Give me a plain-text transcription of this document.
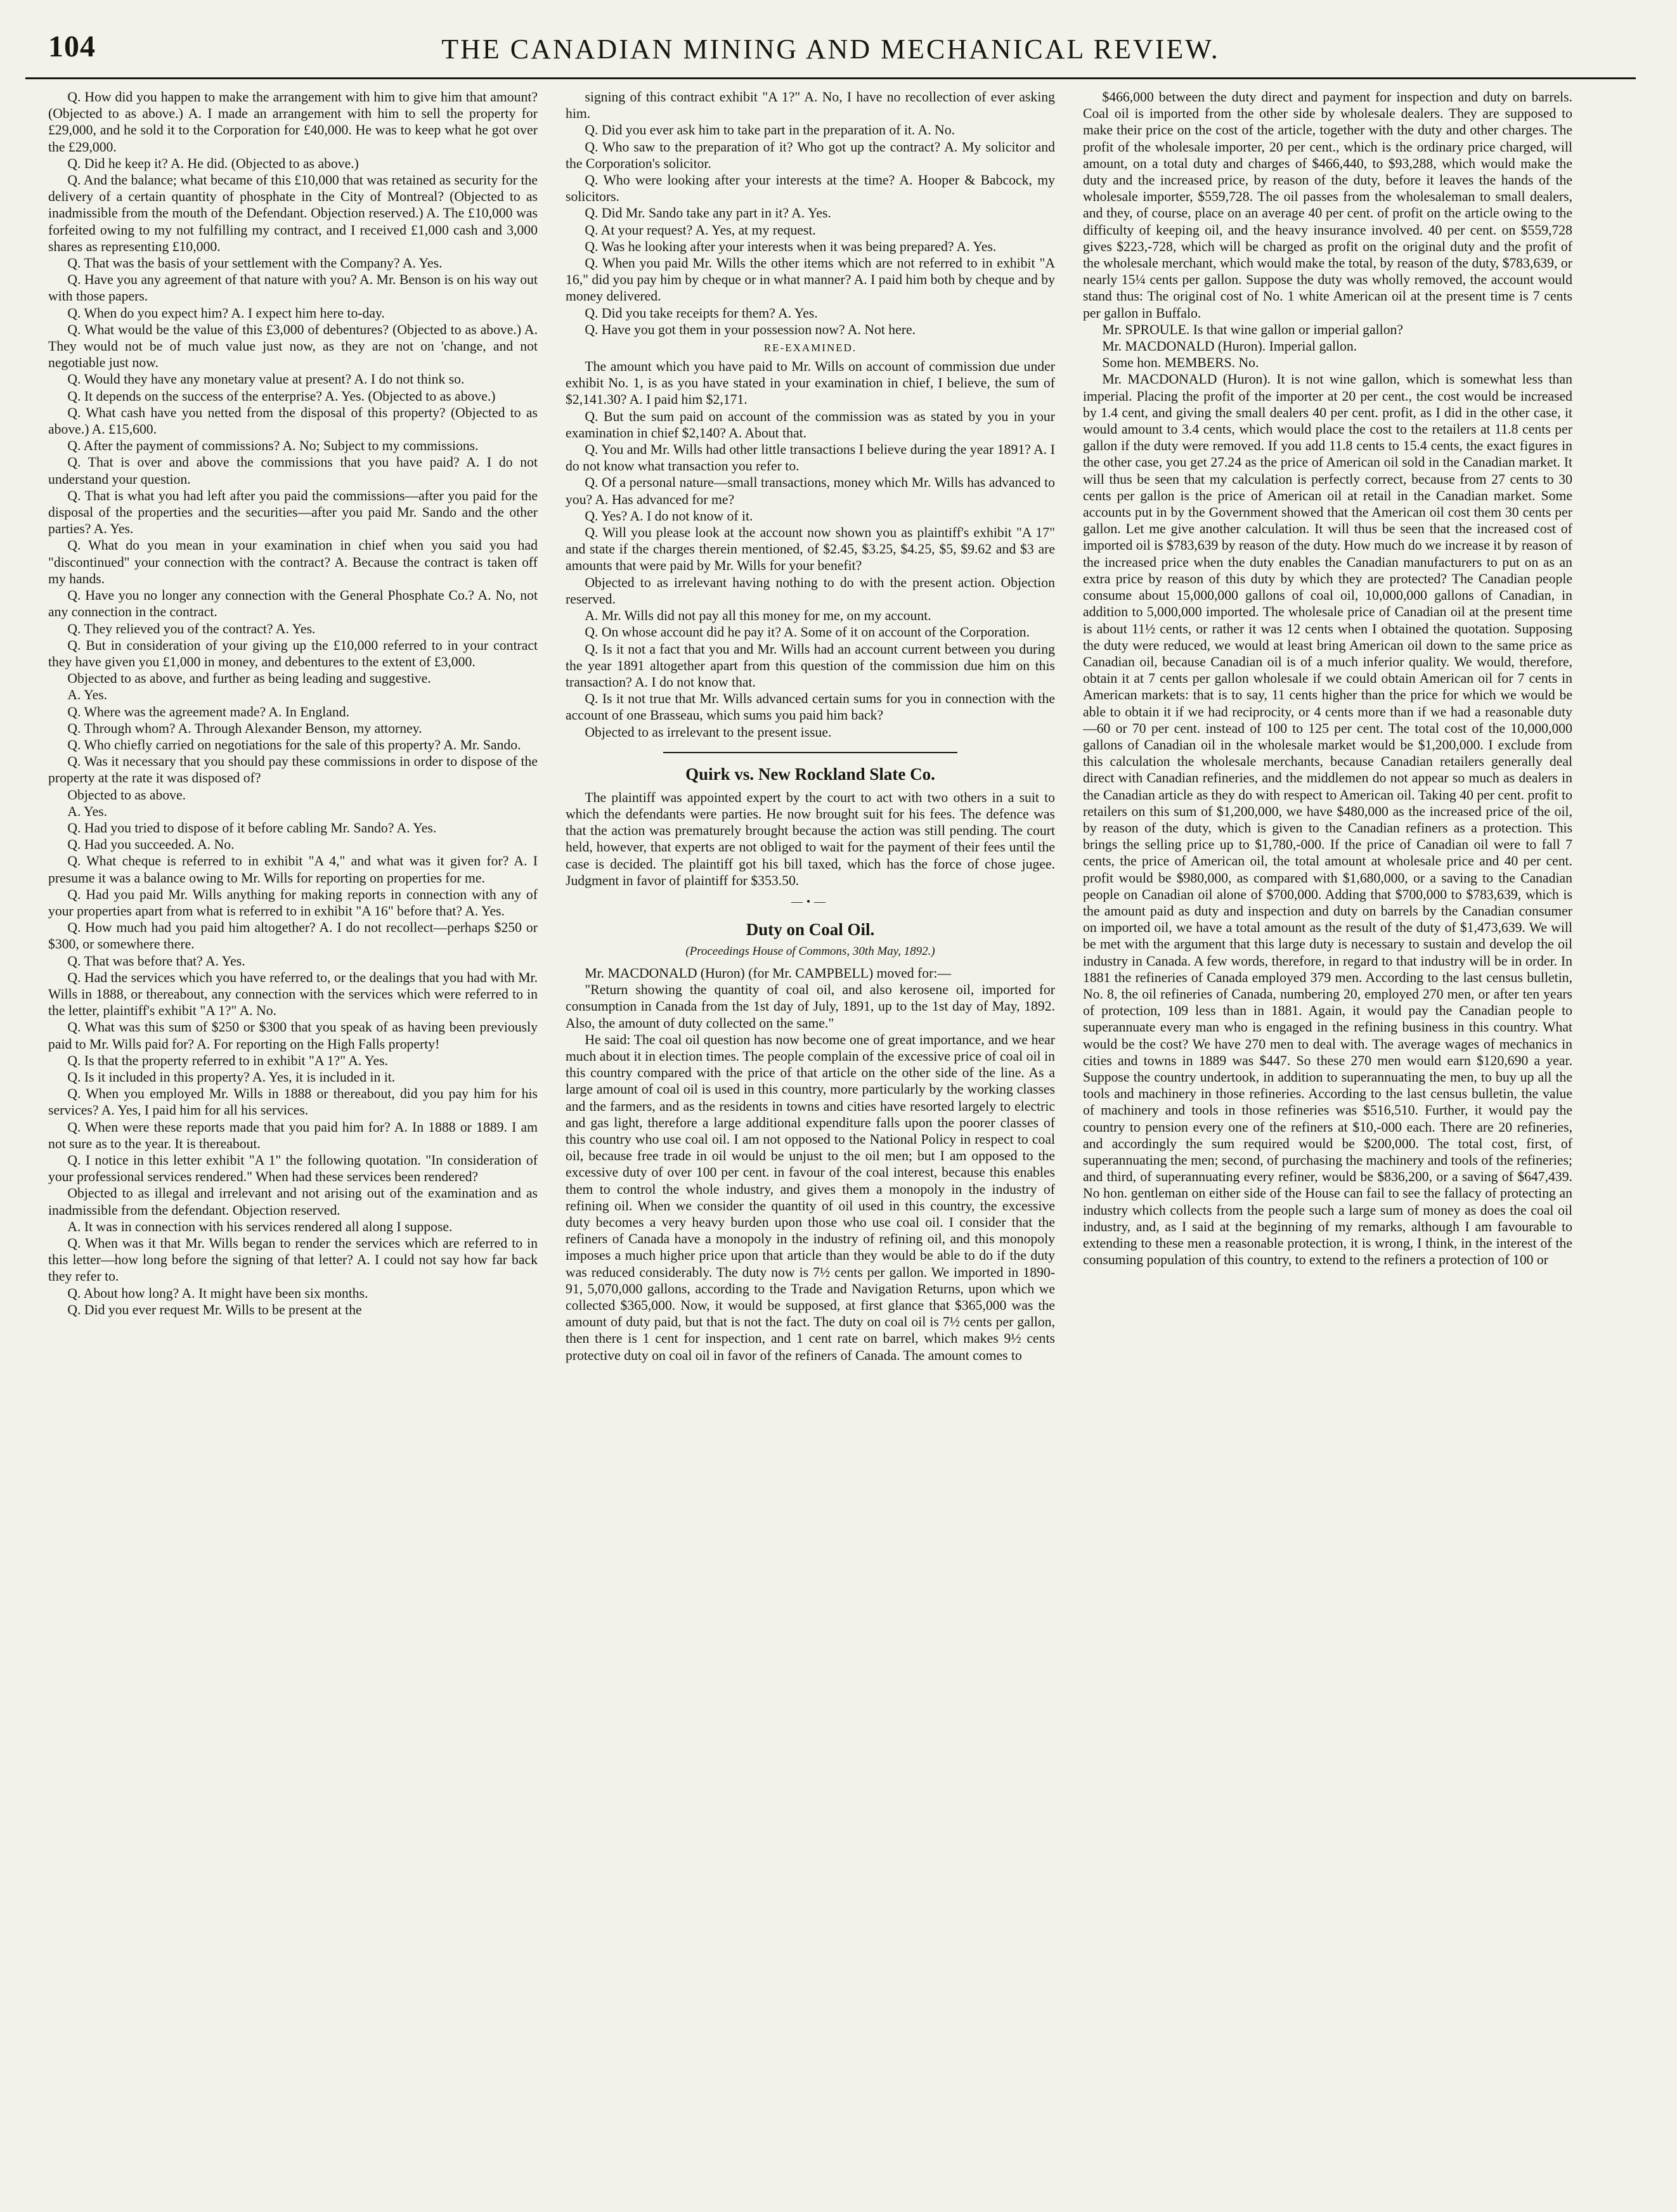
104	THE CANADIAN MINING AND MECHANICAL REVIEW.

Q. How did you happen to make the arrangement with him to give him that amount? (Objected to as above.) A. I made an arrangement with him to sell the property for £29,000, and he sold it to the Corporation for £40,000. He was to keep what he got over the £29,000.

Q. Did he keep it? A. He did. (Objected to as above.)

Q. And the balance; what became of this £10,000 that was retained as security for the delivery of a certain quantity of phosphate in the City of Montreal? (Objected to as inadmissible from the mouth of the Defendant. Objection reserved.) A. The £10,000 was forfeited owing to my not fulfilling my contract, and I received £1,000 cash and 3,000 shares as representing £10,000.

Q. That was the basis of your settlement with the Company? A. Yes.

Q. Have you any agreement of that nature with you? A. Mr. Benson is on his way out with those papers.

Q. When do you expect him? A. I expect him here to-day.

Q. What would be the value of this £3,000 of debentures? (Objected to as above.) A. They would not be of much value just now, as they are not on 'change, and not negotiable just now.

Q. Would they have any monetary value at present? A. I do not think so.

Q. It depends on the success of the enterprise? A. Yes. (Objected to as above.)

Q. What cash have you netted from the disposal of this property? (Objected to as above.) A. £15,600.

Q. After the payment of commissions? A. No; Subject to my commissions.

Q. That is over and above the commissions that you have paid? A. I do not understand your question.

Q. That is what you had left after you paid the commissions—after you paid for the disposal of the properties and the securities—after you paid Mr. Sando and the other parties? A. Yes.

Q. What do you mean in your examination in chief when you said you had "discontinued" your connection with the contract? A. Because the contract is taken off my hands.

Q. Have you no longer any connection with the General Phosphate Co.? A. No, not any connection in the contract.

Q. They relieved you of the contract? A. Yes.

Q. But in consideration of your giving up the £10,000 referred to in your contract they have given you £1,000 in money, and debentures to the extent of £3,000.

Objected to as above, and further as being leading and suggestive.

A. Yes.

Q. Where was the agreement made? A. In England.

Q. Through whom? A. Through Alexander Benson, my attorney.

Q. Who chiefly carried on negotiations for the sale of this property? A. Mr. Sando.

Q. Was it necessary that you should pay these commissions in order to dispose of the property at the rate it was disposed of?

Objected to as above.

A. Yes.

Q. Had you tried to dispose of it before cabling Mr. Sando? A. Yes.

Q. Had you succeeded. A. No.

Q. What cheque is referred to in exhibit "A 4," and what was it given for? A. I presume it was a balance owing to Mr. Wills for reporting on properties for me.

Q. Had you paid Mr. Wills anything for making reports in connection with any of your properties apart from what is referred to in exhibit "A 16" before that? A. Yes.

Q. How much had you paid him altogether? A. I do not recollect—perhaps $250 or $300, or somewhere there.

Q. That was before that? A. Yes.

Q. Had the services which you have referred to, or the dealings that you had with Mr. Wills in 1888, or thereabout, any connection with the services which were referred to in the letter, plaintiff's exhibit "A 1?" A. No.

Q. What was this sum of $250 or $300 that you speak of as having been previously paid to Mr. Wills paid for? A. For reporting on the High Falls property!

Q. Is that the property referred to in exhibit "A 1?" A. Yes.

Q. Is it included in this property? A. Yes, it is included in it.

Q. When you employed Mr. Wills in 1888 or thereabout, did you pay him for his services? A. Yes, I paid him for all his services.

Q. When were these reports made that you paid him for? A. In 1888 or 1889. I am not sure as to the year. It is thereabout.

Q. I notice in this letter exhibit "A 1" the following quotation. "In consideration of your professional services rendered." When had these services been rendered?

Objected to as illegal and irrelevant and not arising out of the examination and as inadmissible from the defendant. Objection reserved.

A. It was in connection with his services rendered all along I suppose.

Q. When was it that Mr. Wills began to render the services which are referred to in this letter—how long before the signing of that letter? A. I could not say how far back they refer to.

Q. About how long? A. It might have been six months.

Q. Did you ever request Mr. Wills to be present at the

signing of this contract exhibit "A 1?" A. No, I have no recollection of ever asking him.

Q. Did you ever ask him to take part in the preparation of it. A. No.

Q. Who saw to the preparation of it? Who got up the contract? A. My solicitor and the Corporation's solicitor.

Q. Who were looking after your interests at the time? A. Hooper & Babcock, my solicitors.

Q. Did Mr. Sando take any part in it? A. Yes.

Q. At your request? A. Yes, at my request.

Q. Was he looking after your interests when it was being prepared? A. Yes.

Q. When you paid Mr. Wills the other items which are not referred to in exhibit "A 16," did you pay him by cheque or in what manner? A. I paid him both by cheque and by money delivered.

Q. Did you take receipts for them? A. Yes.

Q. Have you got them in your possession now? A. Not here.

RE-EXAMINED.

The amount which you have paid to Mr. Wills on account of commission due under exhibit No. 1, is as you have stated in your examination in chief, I believe, the sum of $2,141.30? A. I paid him $2,171.

Q. But the sum paid on account of the commission was as stated by you in your examination in chief $2,140? A. About that.

Q. You and Mr. Wills had other little transactions I believe during the year 1891? A. I do not know what transaction you refer to.

Q. Of a personal nature—small transactions, money which Mr. Wills has advanced to you? A. Has advanced for me?

Q. Yes? A. I do not know of it.

Q. Will you please look at the account now shown you as plaintiff's exhibit "A 17" and state if the charges therein mentioned, of $2.45, $3.25, $4.25, $5, $9.62 and $3 are amounts that were paid by Mr. Wills for your benefit?

Objected to as irrelevant having nothing to do with the present action. Objection reserved.

A. Mr. Wills did not pay all this money for me, on my account.

Q. On whose account did he pay it? A. Some of it on account of the Corporation.

Q. Is it not a fact that you and Mr. Wills had an account current between you during the year 1891 altogether apart from this question of the commission due him on this transaction? A. I do not know that.

Q. Is it not true that Mr. Wills advanced certain sums for you in connection with the account of one Brasseau, which sums you paid him back?

Objected to as irrelevant to the present issue.

Quirk vs. New Rockland Slate Co.

The plaintiff was appointed expert by the court to act with two others in a suit to which the defendants were parties. He now brought suit for his fees. The defence was that the action was prematurely brought because the action was still pending. The court held, however, that experts are not obliged to wait for the payment of their fees until the case is decided. The plaintiff got his bill taxed, which has the force of chose jugee. Judgment in favor of plaintiff for $353.50.

—•—
Duty on Coal Oil.
(Proceedings House of Commons, 30th May, 1892.)

Mr. MACDONALD (Huron) (for Mr. CAMPBELL) moved for:—

"Return showing the quantity of coal oil, and also kerosene oil, imported for consumption in Canada from the 1st day of July, 1891, up to the 1st day of May, 1892. Also, the amount of duty collected on the same."

He said: The coal oil question has now become one of great importance, and we hear much about it in election times. The people complain of the excessive price of coal oil in this country compared with the price of that article on the other side of the line. As a large amount of coal oil is used in this country, more particularly by the working classes and the farmers, and as the residents in towns and cities have resorted largely to electric and gas light, therefore a large additional expenditure falls upon the poorer classes of this country who use coal oil. I am not opposed to the National Policy in respect to coal oil, because free trade in oil would be unjust to the oil men; but I am opposed to the excessive duty of over 100 per cent. in favour of the coal interest, because this enables them to control the whole industry, and gives them a monopoly in the industry of refining oil. When we consider the quantity of oil used in this country, the excessive duty becomes a very heavy burden upon those who use coal oil. I consider that the refiners of Canada have a monopoly in the industry of refining oil, and this monopoly imposes a much higher price upon that article than they would be able to do if the duty was reduced considerably. The duty now is 7½ cents per gallon. We imported in 1890-91, 5,070,000 gallons, according to the Trade and Navigation Returns, upon which we collected $365,000. Now, it would be supposed, at first glance that $365,000 was the amount of duty paid, but that is not the fact. The duty on coal oil is 7½ cents per gallon, then there is 1 cent for inspection, and 1 cent rate on barrel, which makes 9½ cents protective duty on coal oil in favor of the refiners of Canada. The amount comes to

$466,000 between the duty direct and payment for inspection and duty on barrels. Coal oil is imported from the other side by wholesale dealers. They are supposed to make their price on the cost of the article, together with the duty and other charges. The profit of the wholesale importer, 20 per cent., which is the ordinary price charged, will amount, on a total duty and charges of $466,440, to $93,288, which would make the duty and the increased price, by reason of the duty, before it leaves the hands of the wholesale importer, $559,728. The oil passes from the wholesaleman to small dealers, and they, of course, place on an average 40 per cent. of profit on the article owing to the difficulty of keeping oil, and the heavy insurance involved. 40 per cent. on $559,728 gives $223,-728, which will be charged as profit on the original duty and the profit of the wholesale merchant, which would make the total, by reason of the duty, $783,639, or nearly 15¼ cents per gallon. Suppose the duty was wholly removed, the account would stand thus: The original cost of No. 1 white American oil at the present time is 7 cents per gallon in Buffalo.

Mr. SPROULE. Is that wine gallon or imperial gallon?

Mr. MACDONALD (Huron). Imperial gallon.

Some hon. MEMBERS. No.

Mr. MACDONALD (Huron). It is not wine gallon, which is somewhat less than imperial. Placing the profit of the importer at 20 per cent., the cost would be increased by 1.4 cent, and giving the small dealers 40 per cent. profit, as I did in the other case, it would amount to 3.4 cents, which would place the cost to the retailers at 11.8 cents per gallon if the duty were removed. If you add 11.8 cents to 15.4 cents, the exact figures in the other case, you get 27.24 as the price of American oil sold in the Canadian market. It will thus be seen that my calculation is perfectly correct, because from 27 cents to 30 cents per gallon is the price of American oil at retail in the Canadian market. Some accounts put in by the Government showed that the American oil cost them 30 cents per gallon. Let me give another calculation. It will thus be seen that the increased cost of imported oil is $783,639 by reason of the duty. How much do we increase it by reason of the increased price when the duty enables the Canadian manufacturers to put on as an extra price by reason of this duty by which they are protected? The Canadian people consume about 15,000,000 gallons of coal oil, 10,000,000 gallons of Canadian, in addition to 5,000,000 imported. The wholesale price of Canadian oil at the present time is about 11½ cents, or rather it was 12 cents when I obtained the quotation. Supposing the duty were reduced, we would at least bring American oil down to the same price as Canadian oil, because Canadian oil is of a much inferior quality. We would, therefore, obtain it at 7 cents per gallon wholesale if we could obtain American oil for 7 cents in American markets: that is to say, 11 cents higher than the price for which we would be able to obtain it if we had reciprocity, or 4 cents more than if we had a reasonable duty—60 or 70 per cent. instead of 100 to 125 per cent. The total cost of the 10,000,000 gallons of Canadian oil in the wholesale market would be $1,200,000. I exclude from this calculation the wholesale merchants, because Canadian retailers generally deal direct with Canadian refineries, and the middlemen do not appear so much as dealers in the Canadian article as they do with respect to American oil. Taking 40 per cent. profit to retailers on this sum of $1,200,000, we have $480,000 as the increased price of the oil, by reason of the duty, which is given to the Canadian refiners as a protection. This brings the selling price up to $1,780,-000. If the price of Canadian oil were to fall 7 cents, the price of American oil, the total amount at wholesale price and 40 per cent. profit would be $980,000, as compared with $1,680,000, or a saving to the Canadian people on Canadian oil alone of $700,000. Adding that $700,000 to $783,639, which is the amount paid as duty and inspection and duty on barrels by the Canadian consumer on imported oil, we have a total amount as the result of the duty of $1,473,639. We will be met with the argument that this large duty is necessary to sustain and develop the oil industry in Canada. A few words, therefore, in regard to that industry will be in order. In 1881 the refineries of Canada employed 379 men. According to the last census bulletin, No. 8, the oil refineries of Canada, numbering 20, employed 270 men, or after ten years of protection, 109 less than in 1881. Again, it would pay the Canadian people to superannuate every man who is engaged in the refining business in this country. What would be the cost? We have 270 men to deal with. The average wages of mechanics in cities and towns in 1889 was $447. So these 270 men would earn $120,690 a year. Suppose the country undertook, in addition to superannuating the men, to buy up all the tools and machinery in those refineries. According to the last census bulletin, the value of machinery and tools in those refineries was $516,510. Further, it would pay the country to pension every one of the refiners at $10,-000 each. There are 20 refineries, and accordingly the sum required would be $200,000. The total cost, first, of superannuating the men; second, of purchasing the machinery and tools of the refineries; and third, of superannuating every refiner, would be $836,200, or a saving of $647,439. No hon. gentleman on either side of the House can fail to see the fallacy of protecting an industry which collects from the people such a large sum of money as does the coal oil industry, and, as I said at the beginning of my remarks, although I am favourable to extending to these men a reasonable protection, it is wrong, I think, in the interest of the consuming population of this country, to extend to the refiners a protection of 100 or
